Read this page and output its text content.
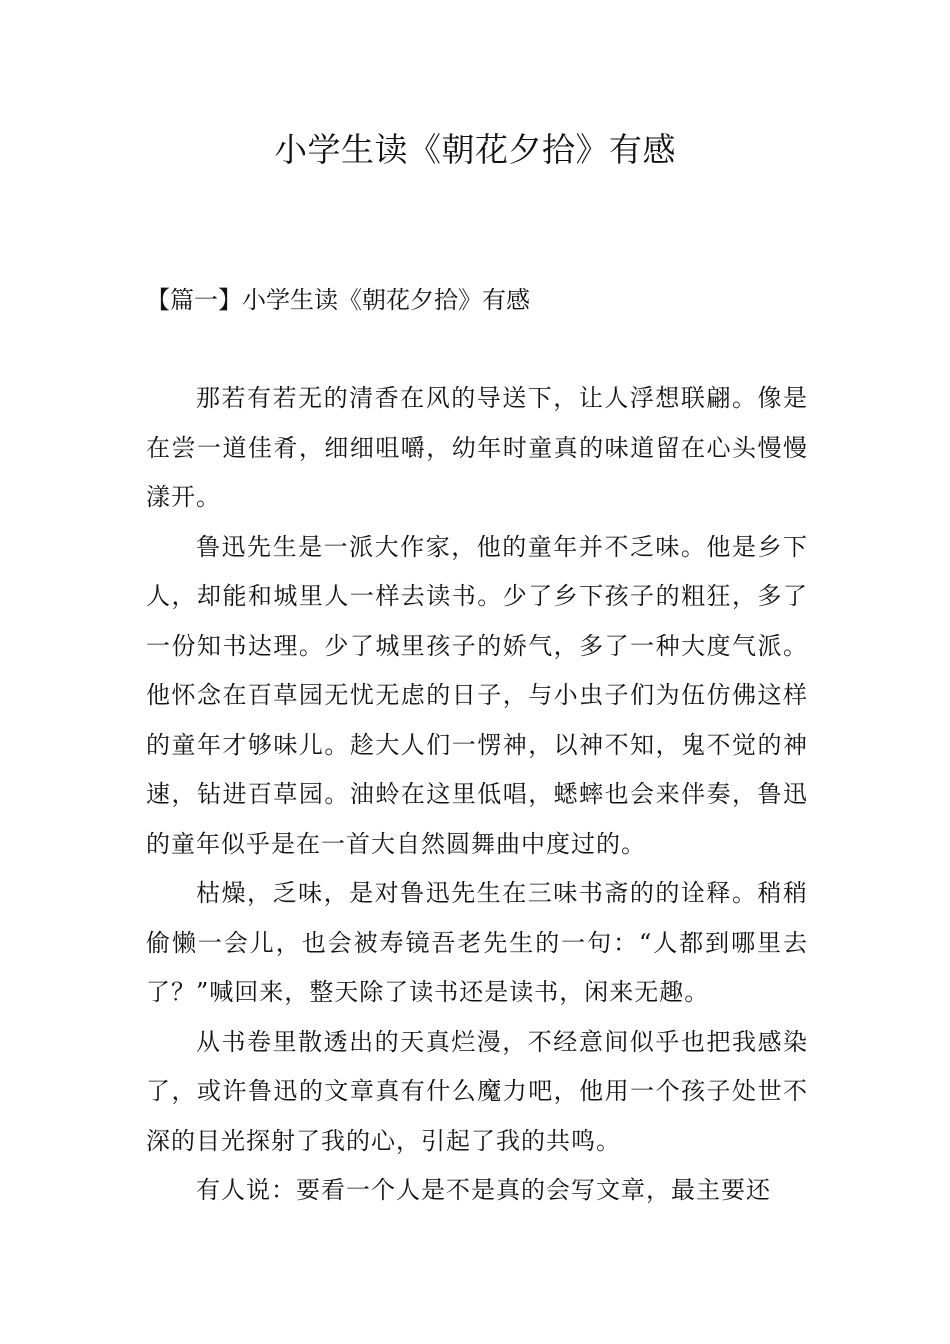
小学生读《朝花夕拾》有感
【篇一】小学生读《朝花夕拾》有感

那若有若无的清香在风的导送下，让人浮想联翩。像是在尝一道佳肴，细细咀嚼，幼年时童真的味道留在心头慢慢漾开。

鲁迅先生是一派大作家，他的童年并不乏味。他是乡下人，却能和城里人一样去读书。少了乡下孩子的粗狂，多了一份知书达理。少了城里孩子的娇气，多了一种大度气派。他怀念在百草园无忧无虑的日子，与小虫子们为伍仿佛这样的童年才够味儿。趁大人们一愣神，以神不知，鬼不觉的神速，钻进百草园。油蛉在这里低唱，蟋蟀也会来伴奏，鲁迅的童年似乎是在一首大自然圆舞曲中度过的。

枯燥，乏味，是对鲁迅先生在三味书斋的的诠释。稍稍偷懒一会儿，也会被寿镜吾老先生的一句：“人都到哪里去了？”喊回来，整天除了读书还是读书，闲来无趣。

从书卷里散透出的天真烂漫，不经意间似乎也把我感染了，或许鲁迅的文章真有什么魔力吧，他用一个孩子处世不深的目光探射了我的心，引起了我的共鸣。

有人说：要看一个人是不是真的会写文章，最主要还
